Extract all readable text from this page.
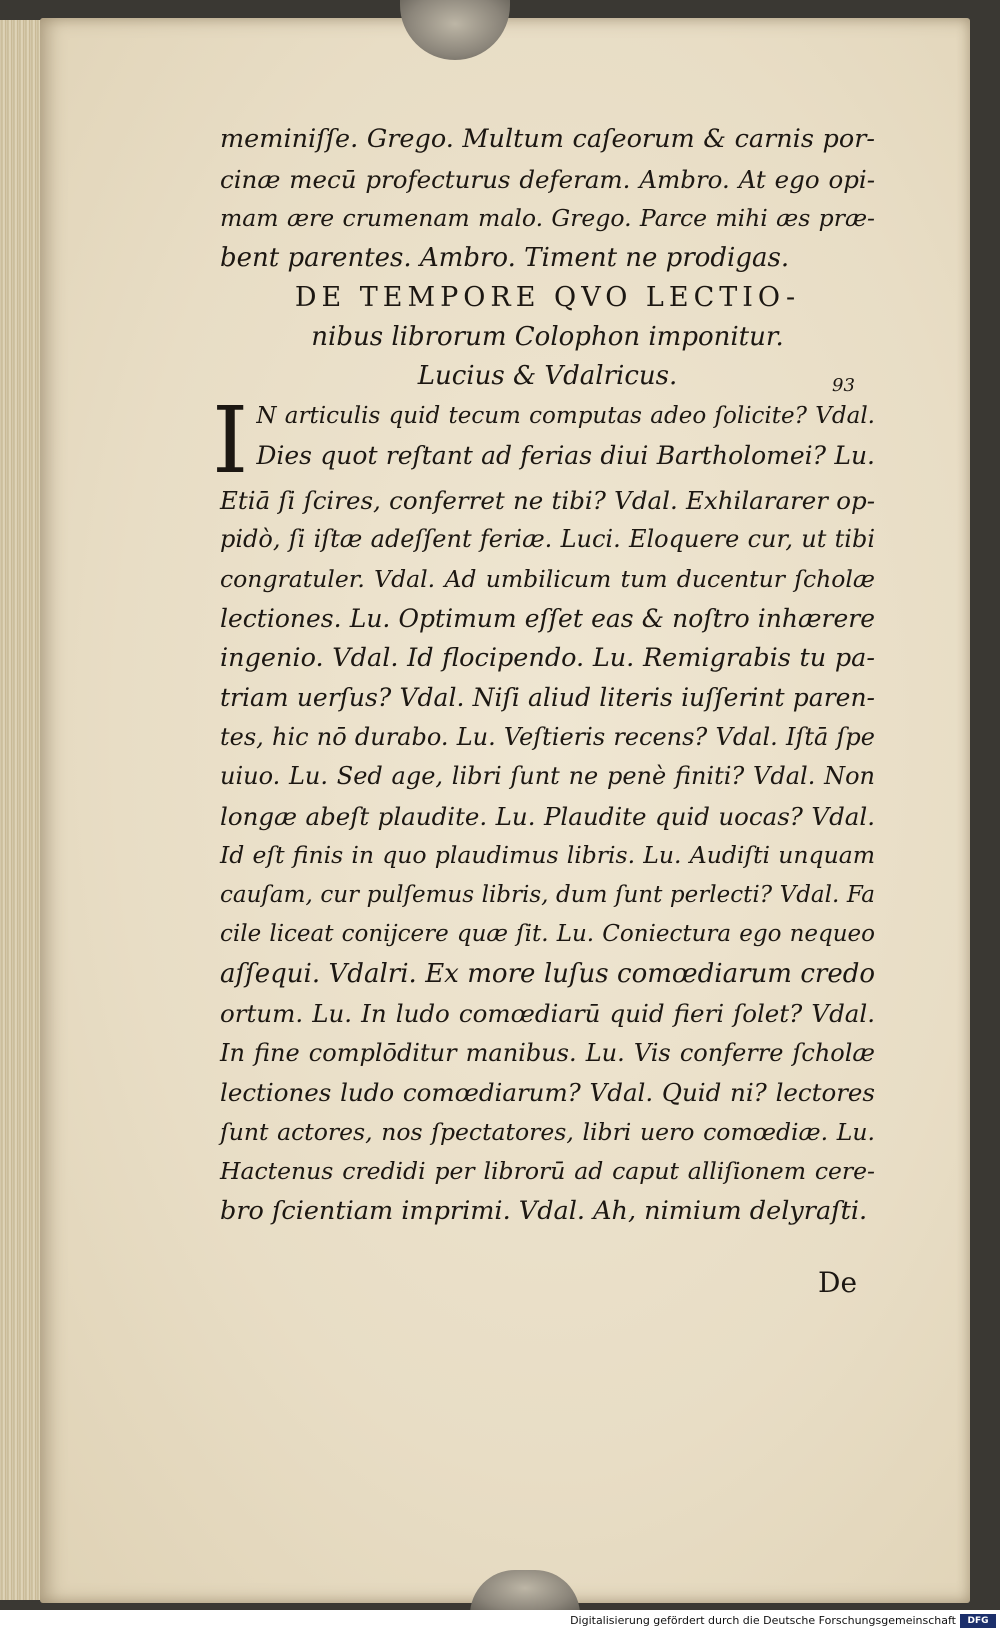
meminiſſe. Grego. Multum caſeorum & carnis por-
cinæ mecū profecturus deferam. Ambro. At ego opi-
mam ære crumenam malo. Grego. Parce mihi æs præ-
bent parentes. Ambro. Timent ne prodigas.
DE TEMPORE QVO LECTIO-
nibus librorum Colophon imponitur.
Lucius & Vdalricus.
I N articulis quid tecum computas adeo ſolicite? Vdal.
Dies quot reſtant ad ferias diui Bartholomei? Lu.
Etiā ſi ſcires, conferret ne tibi? Vdal. Exhilararer op-
pidò, ſi iſtæ adeſſent feriæ. Luci. Eloquere cur, ut tibi
congratuler. Vdal. Ad umbilicum tum ducentur ſcholæ
lectiones. Lu. Optimum eſſet eas & noſtro inhærere
ingenio. Vdal. Id flocipendo. Lu. Remigrabis tu pa-
triam uerſus? Vdal. Niſi aliud literis iuſſerint paren-
tes, hic nō durabo. Lu. Veſtieris recens? Vdal. Iſtā ſpe
uiuo. Lu. Sed age, libri ſunt ne penè finiti? Vdal. Non
longæ abeſt plaudite. Lu. Plaudite quid uocas? Vdal.
Id eſt finis in quo plaudimus libris. Lu. Audiſti unquam
cauſam, cur pulſemus libris, dum ſunt perlecti? Vdal. Fa
cile liceat conijcere quæ ſit. Lu. Coniectura ego nequeo
aſſequi. Vdalri. Ex more luſus comœdiarum credo
ortum. Lu. In ludo comœdiarū quid fieri ſolet? Vdal.
In fine complōditur manibus. Lu. Vis conferre ſcholæ
lectiones ludo comœdiarum? Vdal. Quid ni? lectores
ſunt actores, nos ſpectatores, libri uero comœdiæ. Lu.
Hactenus credidi per librorū ad caput alliſionem cere-
bro ſcientiam imprimi. Vdal. Ah, nimium delyraſti.
93
De
Digitalisierung gefördert durch die Deutsche Forschungsgemeinschaft	DFG
